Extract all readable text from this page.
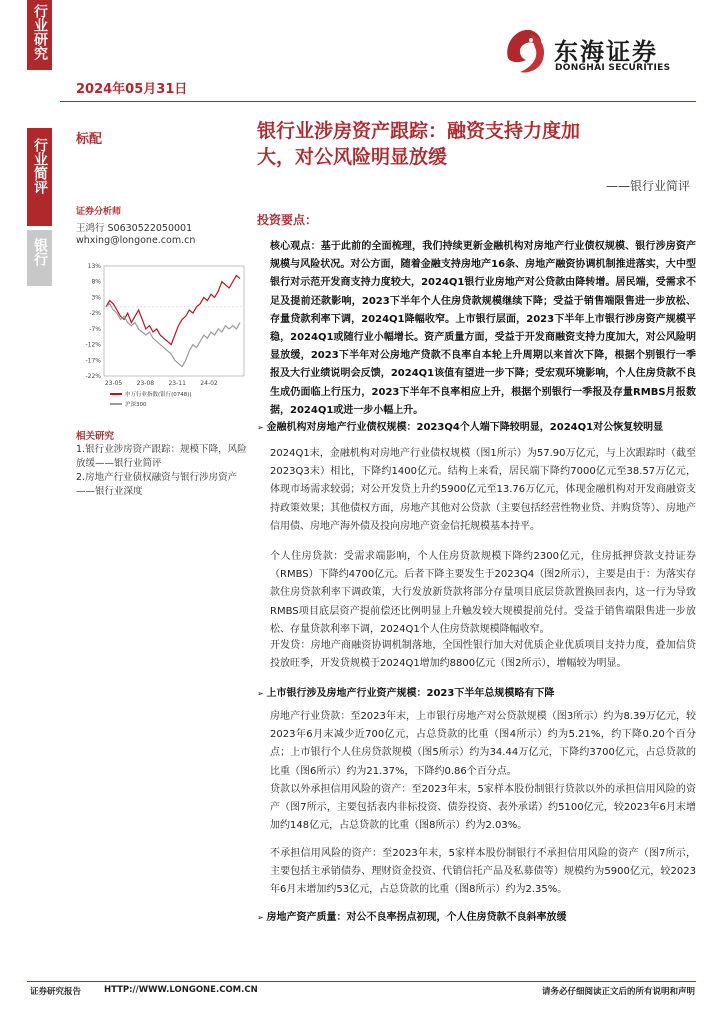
行业研究
行业简评
银行
2024年05月31日
东海证券
DONGHAI SECURITIES
标配
证券分析师
王鸿行 S0630522050001
whxing@longone.com.cn
13%
8%
3%
-2%
-7%
-12%
-17%
-22%
23-05 23-08 23-11 24-02
申万行业指数(银行(0748))
沪深300
相关研究
1.银行业涉房资产跟踪：规模下降，风险放缓——银行业简评
2.房地产行业债权融资与银行涉房资产——银行业深度
银行业涉房资产跟踪：融资支持力度加
大，对公风险明显放缓
——银行业简评
投资要点：
核心观点：基于此前的全面梳理，我们持续更新金融机构对房地产行业债权规模、银行涉房资产规模与风险状况。对公方面，随着金融支持房地产16条、房地产融资协调机制推进落实，大中型银行对示范开发商支持力度较大，2024Q1银行业房地产对公贷款由降转增。居民端，受需求不足及提前还款影响，2023下半年个人住房贷款规模继续下降；受益于销售端限售进一步放松、存量贷款利率下调，2024Q1降幅收窄。上市银行层面，2023下半年上市银行涉房资产规模平稳，2024Q1或随行业小幅增长。资产质量方面，受益于开发商融资支持力度加大，对公风险明显放缓，2023下半年对公房地产贷款不良率自本轮上升周期以来首次下降，根据个别银行一季报及大行业绩说明会反馈，2024Q1该值有望进一步下降；受宏观环境影响，个人住房贷款不良生成仍面临上行压力，2023下半年不良率相应上升，根据个别银行一季报及存量RMBS月报数据，2024Q1或进一步小幅上升。
➢ 金融机构对房地产行业债权规模：2023Q4个人端下降较明显，2024Q1对公恢复较明显
2024Q1末，金融机构对房地产行业债权规模（图1所示）为57.90万亿元，与上次跟踪时（截至2023Q3末）相比，下降约1400亿元。结构上来看，居民端下降约7000亿元至38.57万亿元，体现市场需求较弱；对公开发贷上升约5900亿元至13.76万亿元，体现金融机构对开发商融资支持政策效果；其他债权方面，房地产其他对公贷款（主要包括经营性物业贷、并购贷等）、房地产信用债、房地产海外债及投向房地产资金信托规模基本持平。
个人住房贷款：受需求端影响，个人住房贷款规模下降约2300亿元，住房抵押贷款支持证券（RMBS）下降约4700亿元。后者下降主要发生于2023Q4（图2所示），主要是由于：为落实存款住房贷款利率下调政策，大行发放新贷款将部分存量项目底层贷款置换回表内，这一行为导致RMBS项目底层资产提前偿还比例明显上升触发较大规模提前兑付。受益于销售端限售进一步放松、存量贷款利率下调，2024Q1个人住房贷款规模降幅收窄。
开发贷：房地产商融资协调机制落地，全国性银行加大对优质企业优质项目支持力度，叠加信贷投放旺季，开发贷规模于2024Q1增加约8800亿元（图2所示），增幅较为明显。
➢ 上市银行涉及房地产行业资产规模：2023下半年总规模略有下降
房地产行业贷款：至2023年末，上市银行房地产对公贷款规模（图3所示）约为8.39万亿元，较2023年6月末减少近700亿元，占总贷款的比重（图4所示）约为5.21%，约下降0.20个百分点；上市银行个人住房贷款规模（图5所示）约为34.44万亿元，下降约3700亿元，占总贷款的比重（图6所示）约为21.37%，下降约0.86个百分点。
贷款以外承担信用风险的资产：至2023年末，5家样本股份制银行贷款以外的承担信用风险的资产（图7所示，主要包括表内非标投资、债券投资、表外承诺）约5100亿元，较2023年6月末增加约148亿元，占总贷款的比重（图8所示）约为2.03%。
不承担信用风险的资产：至2023年末，5家样本股份制银行不承担信用风险的资产（图7所示，主要包括主承销债券、理财资金投资、代销信托产品及私募债等）规模约为5900亿元，较2023年6月末增加约53亿元，占总贷款的比重（图8所示）约为2.35%。
➢ 房地产资产质量：对公不良率拐点初现，个人住房贷款不良斜率放缓
证券研究报告	HTTP://WWW.LONGONE.COM.CN	请务必仔细阅读正文后的所有说明和声明
